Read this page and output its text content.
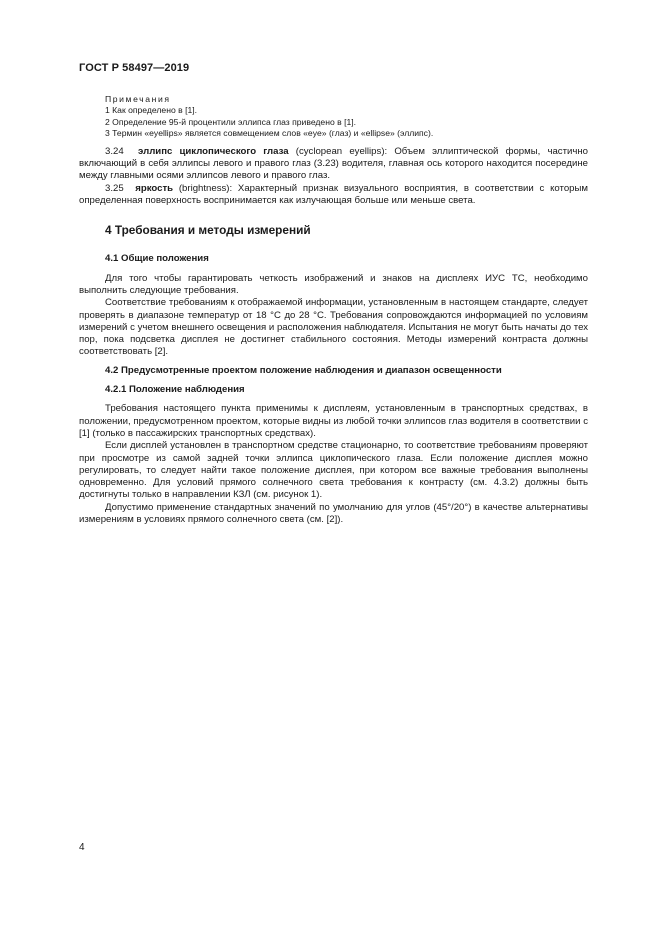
ГОСТ Р 58497—2019
Примечания
1 Как определено в [1].
2 Определение 95-й процентили эллипса глаз приведено в [1].
3 Термин «eyellips» является совмещением слов «eye» (глаз) и «ellipse» (эллипс).

3.24 эллипс циклопического глаза (cyclopean eyellips): Объем эллиптической формы, частично включающий в себя эллипсы левого и правого глаз (3.23) водителя, главная ось которого находится посередине между главными осями эллипсов левого и правого глаз.

3.25 яркость (brightness): Характерный признак визуального восприятия, в соответствии с которым определенная поверхность воспринимается как излучающая больше или меньше света.

4 Требования и методы измерений
4.1 Общие положения

Для того чтобы гарантировать четкость изображений и знаков на дисплеях ИУС ТС, необходимо выполнить следующие требования.

Соответствие требованиям к отображаемой информации, установленным в настоящем стандарте, следует проверять в диапазоне температур от 18 °С до 28 °С. Требования сопровождаются информацией по условиям измерений с учетом внешнего освещения и расположения наблюдателя. Испытания не могут быть начаты до тех пор, пока подсветка дисплея не достигнет стабильного состояния. Методы измерений контраста должны соответствовать [2].

4.2 Предусмотренные проектом положение наблюдения и диапазон освещенности
4.2.1 Положение наблюдения

Требования настоящего пункта применимы к дисплеям, установленным в транспортных средствах, в положении, предусмотренном проектом, которые видны из любой точки эллипсов глаз водителя в соответствии с [1] (только в пассажирских транспортных средствах).

Если дисплей установлен в транспортном средстве стационарно, то соответствие требованиям проверяют при просмотре из самой задней точки эллипса циклопического глаза. Если положение дисплея можно регулировать, то следует найти такое положение дисплея, при котором все важные требования выполнены одновременно. Для условий прямого солнечного света требования к контрасту (см. 4.3.2) должны быть достигнуты только в направлении КЗЛ (см. рисунок 1).

Допустимо применение стандартных значений по умолчанию для углов (45°/20°) в качестве альтернативы измерениям в условиях прямого солнечного света (см. [2]).

4
